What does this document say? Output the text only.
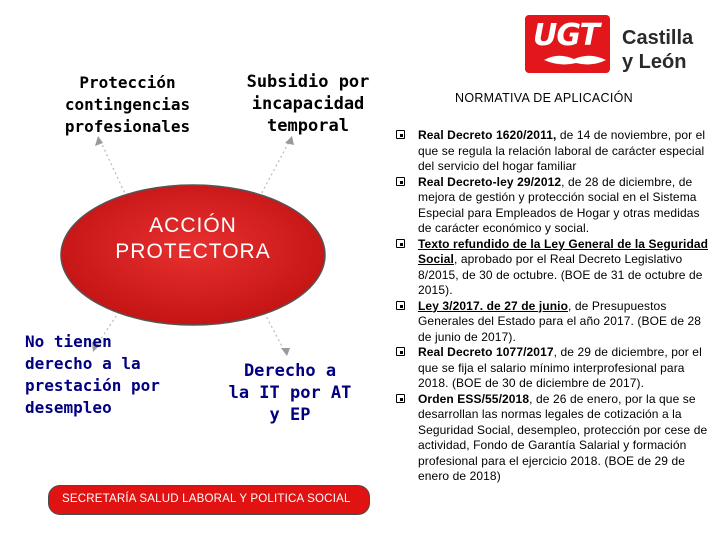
ACCIÓN
PROTECTORA
Protección
contingencias
profesionales
Subsidio por
incapacidad
temporal
No tienen
derecho a la
prestación por
desempleo
Derecho a
la IT por AT
y EP
UGT Castilla
y León
NORMATIVA DE APLICACIÓN
Real Decreto 1620/2011, de 14 de noviembre, por el que se regula la relación laboral de carácter especial del servicio del hogar familiar
Real Decreto-ley 29/2012, de 28 de diciembre, de mejora de gestión y protección social en el Sistema Especial para Empleados de Hogar y otras medidas de carácter económico y social.
Texto refundido de la Ley General de la Seguridad Social, aprobado por el Real Decreto Legislativo 8/2015, de 30 de octubre. (BOE de 31 de octubre de 2015).
Ley 3/2017. de 27 de junio, de Presupuestos Generales del Estado para el año 2017. (BOE de 28 de junio de 2017).
Real Decreto 1077/2017, de 29 de diciembre, por el que se fija el salario mínimo interprofesional para 2018. (BOE de 30 de diciembre de 2017).
Orden ESS/55/2018, de 26 de enero, por la que se desarrollan las normas legales de cotización a la Seguridad Social, desempleo, protección por cese de actividad, Fondo de Garantía Salarial y formación profesional para el ejercicio 2018. (BOE de 29 de enero de 2018)
SECRETARÍA SALUD LABORAL Y POLITICA SOCIAL
